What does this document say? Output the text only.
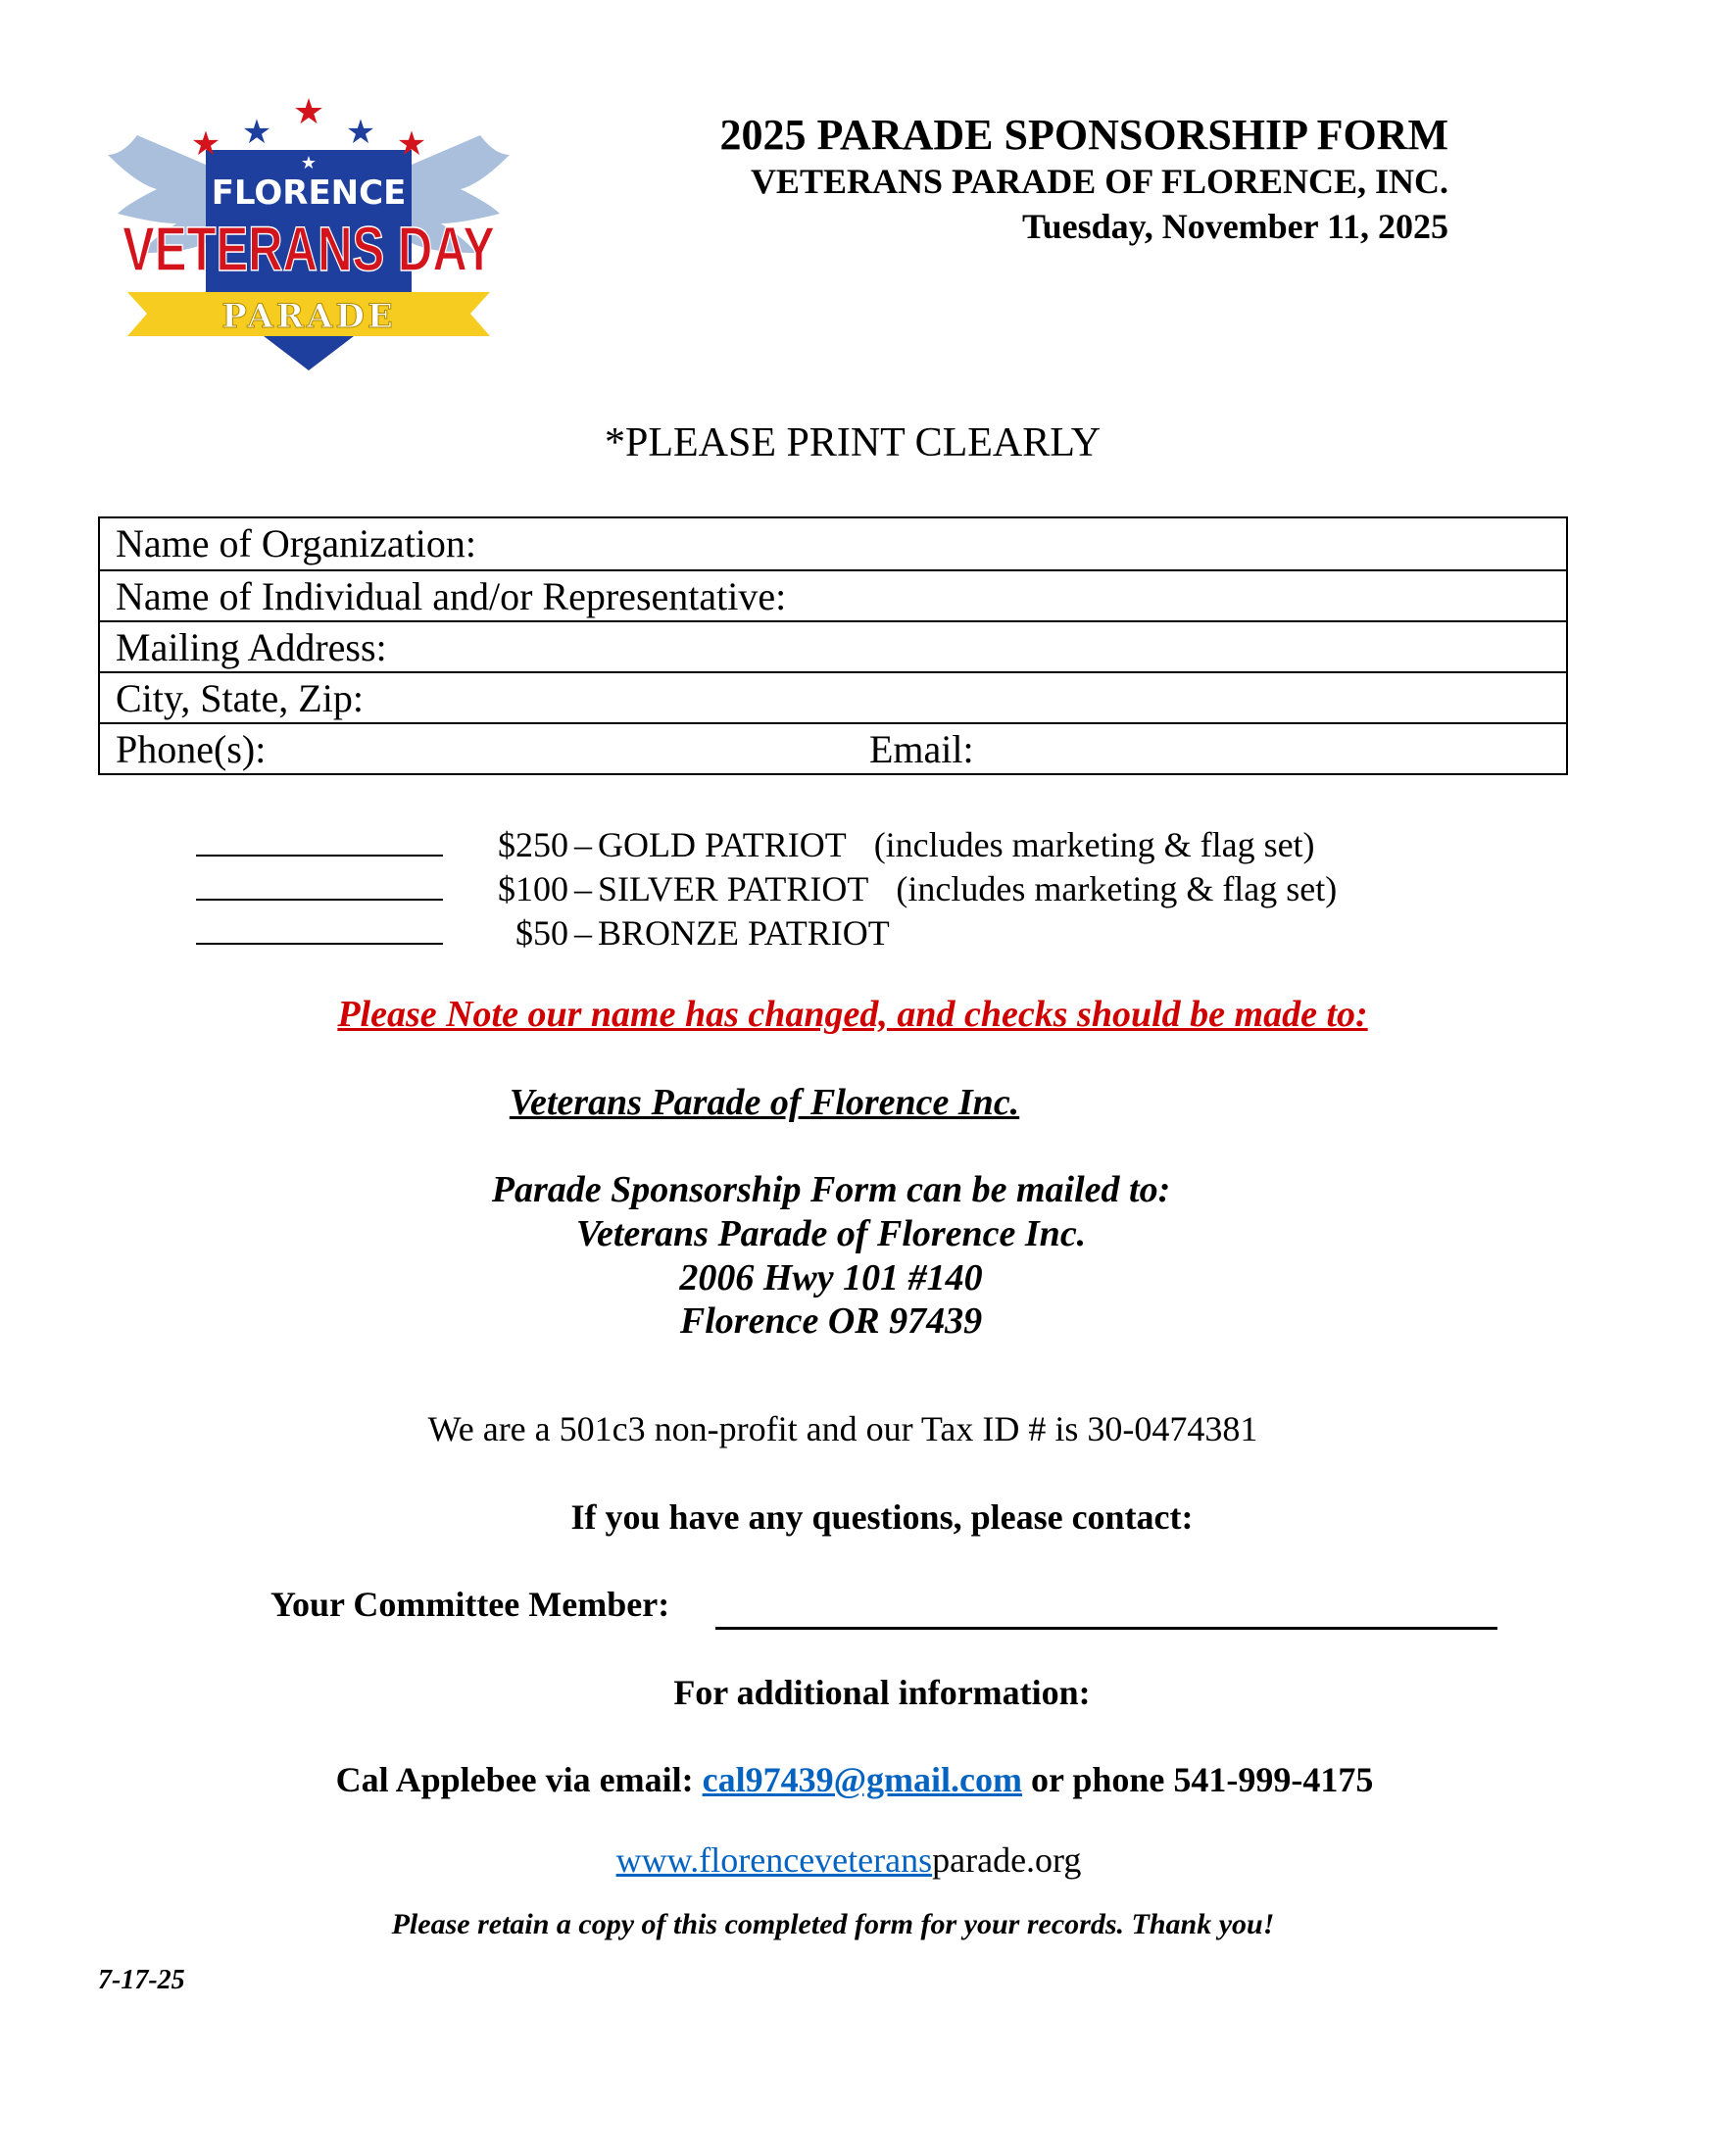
★
★ ★
★	★
★
FLORENCE
VETERANS DAY
PARADE
2025 PARADE SPONSORSHIP FORM
VETERANS PARADE OF FLORENCE, INC.
Tuesday, November 11, 2025
*PLEASE PRINT CLEARLY
Name of Organization:
Name of Individual and/or Representative:
Mailing Address:
City, State, Zip:
Phone(s):	Email:
$250 – GOLD PATRIOT (includes marketing & flag set)
$100 – SILVER PATRIOT (includes marketing & flag set)
$50 – BRONZE PATRIOT
Please Note our name has changed, and checks should be made to:
Veterans Parade of Florence Inc.
Parade Sponsorship Form can be mailed to:
Veterans Parade of Florence Inc.
2006 Hwy 101 #140
Florence OR 97439
We are a 501c3 non-profit and our Tax ID # is 30-0474381
If you have any questions, please contact:
Your Committee Member:
For additional information:
Cal Applebee via email: cal97439@gmail.com or phone 541-999-4175
www.florenceveteransparade.org
Please retain a copy of this completed form for your records. Thank you!
7-17-25
